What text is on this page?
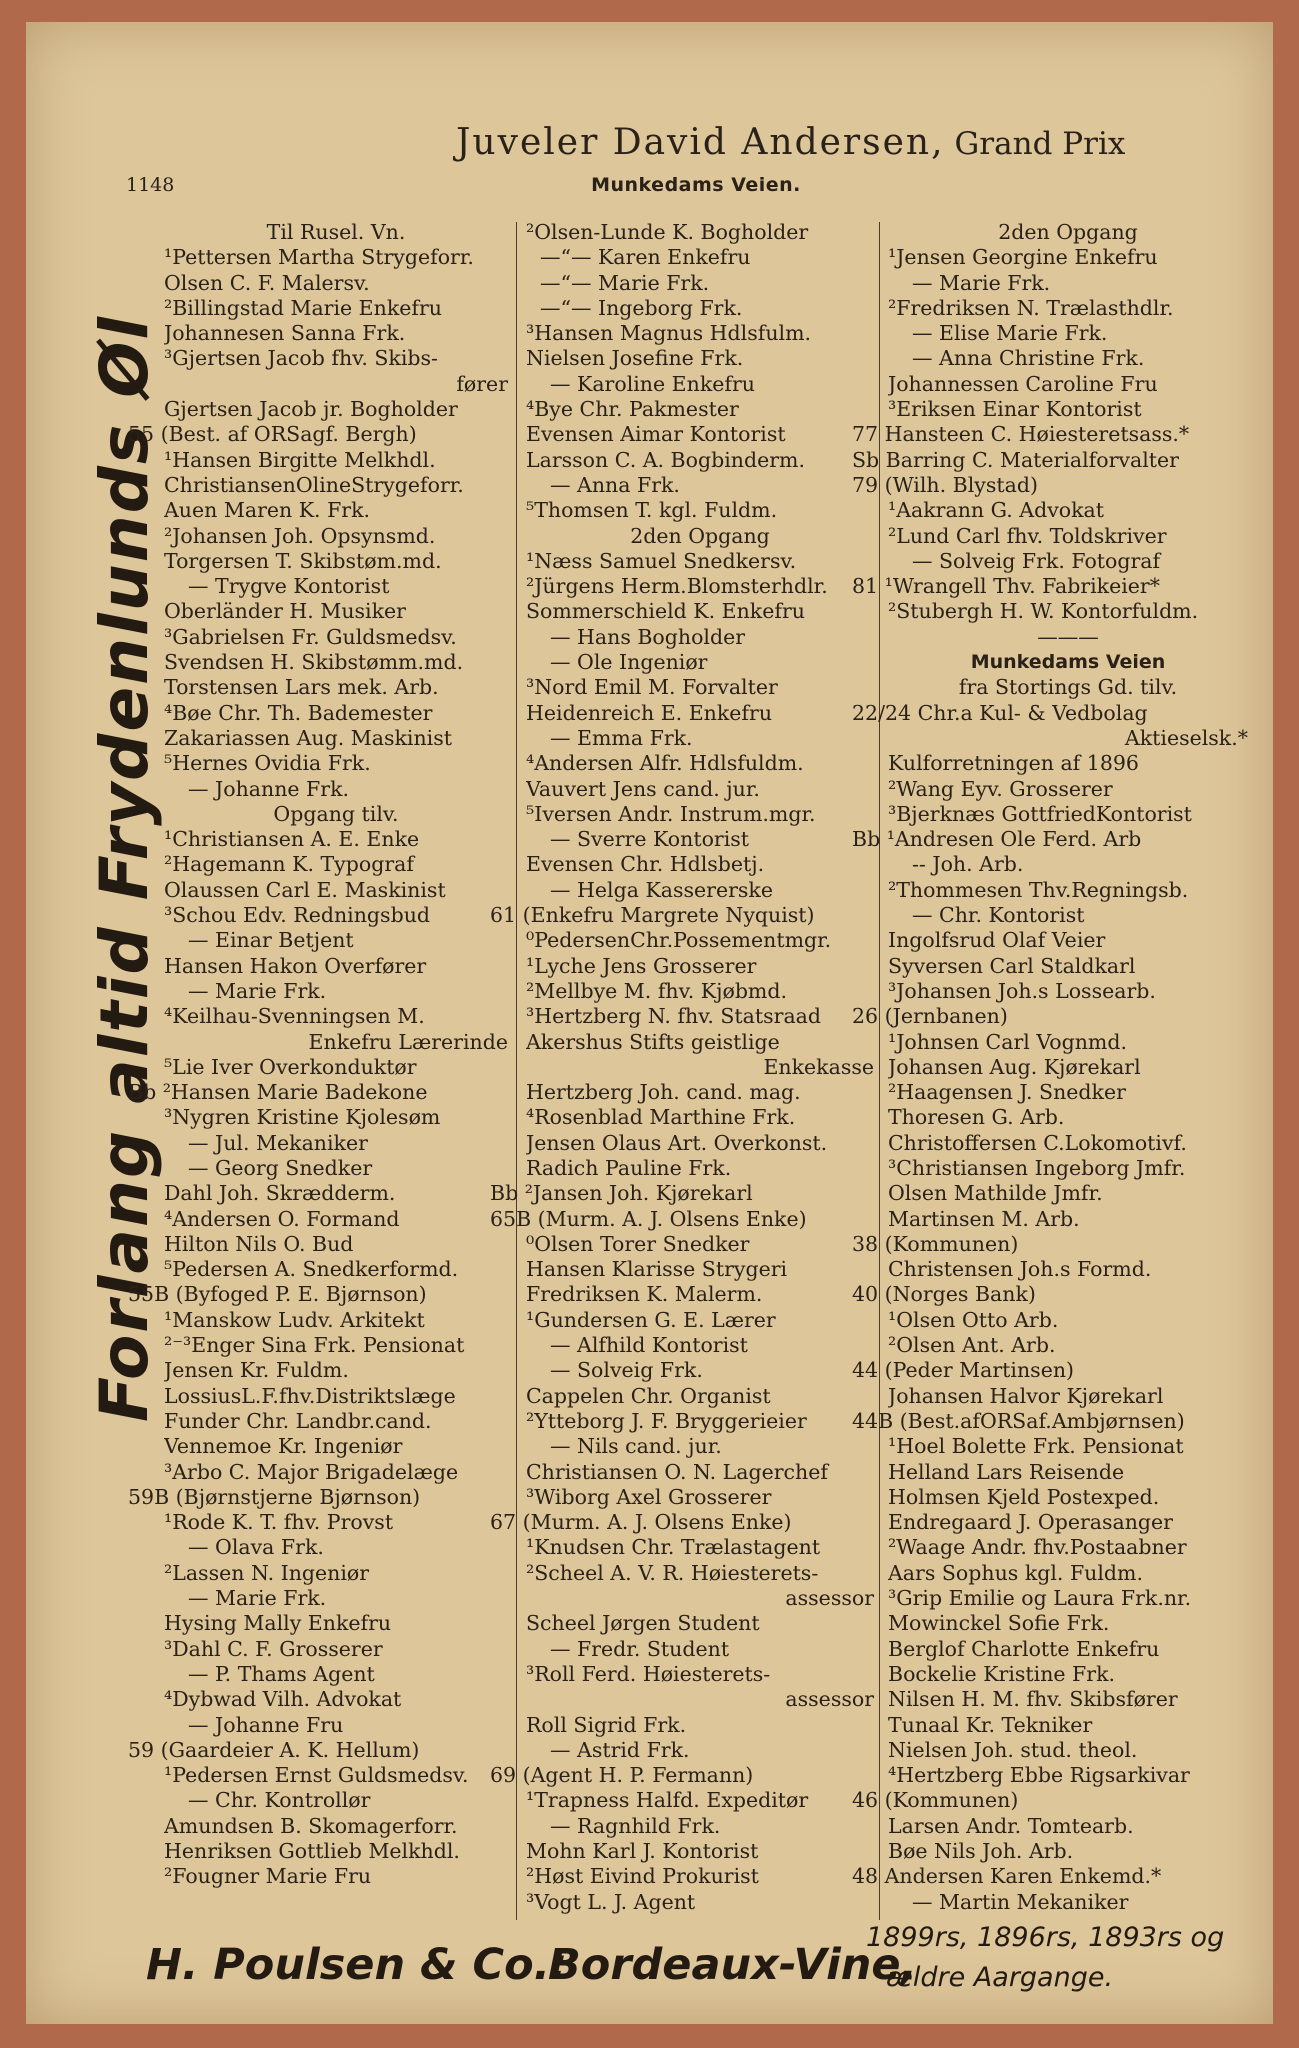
1148
Juveler David Andersen, Grand Prix
Munkedams Veien.
Forlang altid Frydenlunds Øl
Til Rusel. Vn.
¹Pettersen Martha Strygeforr.
Olsen C. F. Malersv.
²Billingstad Marie Enkefru
Johannesen Sanna Frk.
³Gjertsen Jacob fhv. Skibs-
fører
Gjertsen Jacob jr. Bogholder
55 (Best. af ORSagf. Bergh)
¹Hansen Birgitte Melkhdl.
ChristiansenOlineStrygeforr.
Auen Maren K. Frk.
²Johansen Joh. Opsynsmd.
Torgersen T. Skibstøm.md.
— Trygve Kontorist
Oberländer H. Musiker
³Gabrielsen Fr. Guldsmedsv.
Svendsen H. Skibstømm.md.
Torstensen Lars mek. Arb.
⁴Bøe Chr. Th. Bademester
Zakariassen Aug. Maskinist
⁵Hernes Ovidia Frk.
— Johanne Frk.
Opgang tilv.
¹Christiansen A. E. Enke
²Hagemann K. Typograf
Olaussen Carl E. Maskinist
³Schou Edv. Redningsbud
— Einar Betjent
Hansen Hakon Overfører
— Marie Frk.
⁴Keilhau-Svenningsen M.
Enkefru Lærerinde
⁵Lie Iver Overkonduktør
Bb ²Hansen Marie Badekone
³Nygren Kristine Kjolesøm
— Jul. Mekaniker
— Georg Snedker
Dahl Joh. Skrædderm.
⁴Andersen O. Formand
Hilton Nils O. Bud
⁵Pedersen A. Snedkerformd.
55B (Byfoged P. E. Bjørnson)
¹Manskow Ludv. Arkitekt
²⁻³Enger Sina Frk. Pensionat
Jensen Kr. Fuldm.
LossiusL.F.fhv.Distriktslæge
Funder Chr. Landbr.cand.
Vennemoe Kr. Ingeniør
³Arbo C. Major Brigadelæge
59B (Bjørnstjerne Bjørnson)
¹Rode K. T. fhv. Provst
— Olava Frk.
²Lassen N. Ingeniør
— Marie Frk.
Hysing Mally Enkefru
³Dahl C. F. Grosserer
— P. Thams Agent
⁴Dybwad Vilh. Advokat
— Johanne Fru
59 (Gaardeier A. K. Hellum)
¹Pedersen Ernst Guldsmedsv.
— Chr. Kontrollør
Amundsen B. Skomagerforr.
Henriksen Gottlieb Melkhdl.
²Fougner Marie Fru
²Olsen-Lunde K. Bogholder
—“— Karen Enkefru
—“— Marie Frk.
—“— Ingeborg Frk.
³Hansen Magnus Hdlsfulm.
Nielsen Josefine Frk.
— Karoline Enkefru
⁴Bye Chr. Pakmester
Evensen Aimar Kontorist
Larsson C. A. Bogbinderm.
— Anna Frk.
⁵Thomsen T. kgl. Fuldm.
2den Opgang
¹Næss Samuel Snedkersv.
²Jürgens Herm.Blomsterhdlr.
Sommerschield K. Enkefru
— Hans Bogholder
— Ole Ingeniør
³Nord Emil M. Forvalter
Heidenreich E. Enkefru
— Emma Frk.
⁴Andersen Alfr. Hdlsfuldm.
Vauvert Jens cand. jur.
⁵Iversen Andr. Instrum.mgr.
— Sverre Kontorist
Evensen Chr. Hdlsbetj.
— Helga Kassererske
61 (Enkefru Margrete Nyquist)
⁰PedersenChr.Possementmgr.
¹Lyche Jens Grosserer
²Mellbye M. fhv. Kjøbmd.
³Hertzberg N. fhv. Statsraad
Akershus Stifts geistlige
Enkekasse
Hertzberg Joh. cand. mag.
⁴Rosenblad Marthine Frk.
Jensen Olaus Art. Overkonst.
Radich Pauline Frk.
Bb ²Jansen Joh. Kjørekarl
65B (Murm. A. J. Olsens Enke)
⁰Olsen Torer Snedker
Hansen Klarisse Strygeri
Fredriksen K. Malerm.
¹Gundersen G. E. Lærer
— Alfhild Kontorist
— Solveig Frk.
Cappelen Chr. Organist
²Ytteborg J. F. Bryggerieier
— Nils cand. jur.
Christiansen O. N. Lagerchef
³Wiborg Axel Grosserer
67 (Murm. A. J. Olsens Enke)
¹Knudsen Chr. Trælastagent
²Scheel A. V. R. Høiesterets-
assessor
Scheel Jørgen Student
— Fredr. Student
³Roll Ferd. Høiesterets-
assessor
Roll Sigrid Frk.
— Astrid Frk.
69 (Agent H. P. Fermann)
¹Trapness Halfd. Expeditør
— Ragnhild Frk.
Mohn Karl J. Kontorist
²Høst Eivind Prokurist
³Vogt L. J. Agent
2den Opgang
¹Jensen Georgine Enkefru
— Marie Frk.
²Fredriksen N. Trælasthdlr.
— Elise Marie Frk.
— Anna Christine Frk.
Johannessen Caroline Fru
³Eriksen Einar Kontorist
77 Hansteen C. Høiesteretsass.*
Sb Barring C. Materialforvalter
79 (Wilh. Blystad)
¹Aakrann G. Advokat
²Lund Carl fhv. Toldskriver
— Solveig Frk. Fotograf
81 ¹Wrangell Thv. Fabrikeier*
²Stubergh H. W. Kontorfuldm.
———
Munkedams Veien
fra Stortings Gd. tilv.
22/24 Chr.a Kul- & Vedbolag
Aktieselsk.*
Kulforretningen af 1896
²Wang Eyv. Grosserer
³Bjerknæs GottfriedKontorist
Bb ¹Andresen Ole Ferd. Arb
-- Joh. Arb.
²Thommesen Thv.Regningsb.
— Chr. Kontorist
Ingolfsrud Olaf Veier
Syversen Carl Staldkarl
³Johansen Joh.s Lossearb.
26 (Jernbanen)
¹Johnsen Carl Vognmd.
Johansen Aug. Kjørekarl
²Haagensen J. Snedker
Thoresen G. Arb.
Christoffersen C.Lokomotivf.
³Christiansen Ingeborg Jmfr.
Olsen Mathilde Jmfr.
Martinsen M. Arb.
38 (Kommunen)
Christensen Joh.s Formd.
40 (Norges Bank)
¹Olsen Otto Arb.
²Olsen Ant. Arb.
44 (Peder Martinsen)
Johansen Halvor Kjørekarl
44B (Best.afORSaf.Ambjørnsen)
¹Hoel Bolette Frk. Pensionat
Helland Lars Reisende
Holmsen Kjeld Postexped.
Endregaard J. Operasanger
²Waage Andr. fhv.Postaabner
Aars Sophus kgl. Fuldm.
³Grip Emilie og Laura Frk.nr.
Mowinckel Sofie Frk.
Berglof Charlotte Enkefru
Bockelie Kristine Frk.
Nilsen H. M. fhv. Skibsfører
Tunaal Kr. Tekniker
Nielsen Joh. stud. theol.
⁴Hertzberg Ebbe Rigsarkivar
46 (Kommunen)
Larsen Andr. Tomtearb.
Bøe Nils Joh. Arb.
48 Andersen Karen Enkemd.*
— Martin Mekaniker
H. Poulsen & Co.:
Bordeaux-Vine,
1899rs, 1896rs, 1893rs og
ældre Aargange.
